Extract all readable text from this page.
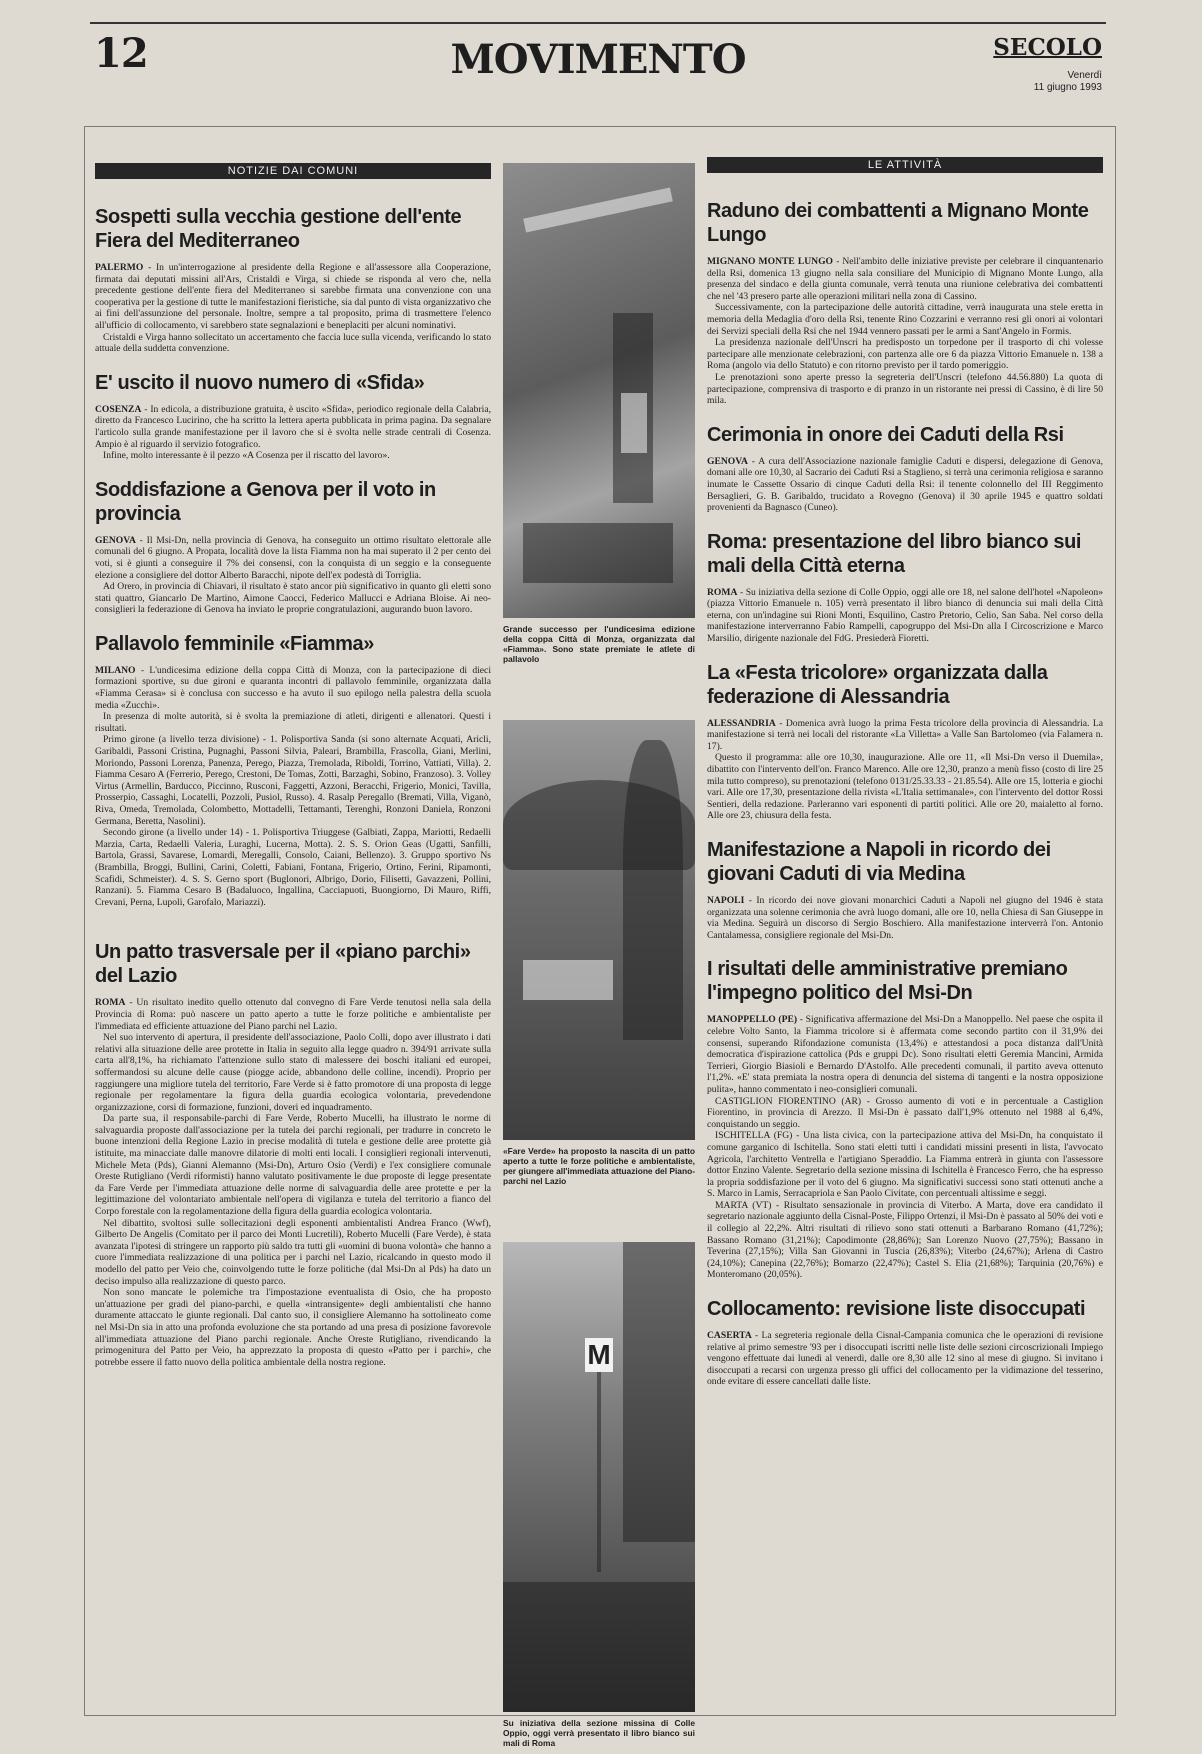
12	MOVIMENTO	SECOLO
Venerdì
11 giugno 1993
NOTIZIE DAI COMUNI
Sospetti sulla vecchia gestione dell'ente Fiera del Mediterraneo

PALERMO - In un'interrogazione al presidente della Regione e all'assessore alla Cooperazione, firmata dai deputati missini all'Ars, Cristaldi e Virga, si chiede se risponda al vero che, nella precedente gestione dell'ente fiera del Mediterraneo si sarebbe firmata una convenzione con una cooperativa per la gestione di tutte le manifestazioni fieristiche, sia dal punto di vista organizzativo che ai fini dell'assunzione del personale. Inoltre, sempre a tal proposito, prima di trasmettere l'elenco all'ufficio di collocamento, vi sarebbero state segnalazioni e beneplaciti per alcuni nominativi.

Cristaldi e Virga hanno sollecitato un accertamento che faccia luce sulla vicenda, verificando lo stato attuale della suddetta convenzione.

E' uscito il nuovo numero di «Sfida»

COSENZA - In edicola, a distribuzione gratuita, è uscito «Sfida», periodico regionale della Calabria, diretto da Francesco Lucirino, che ha scritto la lettera aperta pubblicata in prima pagina. Da segnalare l'articolo sulla grande manifestazione per il lavoro che si è svolta nelle strade centrali di Cosenza. Ampio è al riguardo il servizio fotografico.

Infine, molto interessante è il pezzo «A Cosenza per il riscatto del lavoro».

Soddisfazione a Genova per il voto in provincia

GENOVA - Il Msi-Dn, nella provincia di Genova, ha conseguito un ottimo risultato elettorale alle comunali del 6 giugno. A Propata, località dove la lista Fiamma non ha mai superato il 2 per cento dei voti, si è giunti a conseguire il 7% dei consensi, con la conquista di un seggio e la conseguente elezione a consigliere del dottor Alberto Baracchi, nipote dell'ex podestà di Torriglia.

Ad Orero, in provincia di Chiavari, il risultato è stato ancor più significativo in quanto gli eletti sono stati quattro, Giancarlo De Martino, Aimone Caocci, Federico Mallucci e Adriana Bloise. Ai neo-consiglieri la federazione di Genova ha inviato le proprie congratulazioni, augurando buon lavoro.

Pallavolo femminile «Fiamma»

MILANO - L'undicesima edizione della coppa Città di Monza, con la partecipazione di dieci formazioni sportive, su due gironi e quaranta incontri di pallavolo femminile, organizzata dalla «Fiamma Cerasa» si è conclusa con successo e ha avuto il suo epilogo nella palestra della scuola media «Zucchi».

In presenza di molte autorità, si è svolta la premiazione di atleti, dirigenti e allenatori. Questi i risultati.

Primo girone (a livello terza divisione) - 1. Polisportiva Sanda (si sono alternate Acquati, Aricli, Garibaldi, Passoni Cristina, Pugnaghi, Passoni Silvia, Paleari, Brambilla, Frascolla, Giani, Merlini, Moriondo, Passoni Lorenza, Panenza, Perego, Piazza, Tremolada, Riboldi, Torrino, Vattiati, Villa). 2. Fiamma Cesaro A (Ferrerio, Perego, Crestoni, De Tomas, Zotti, Barzaghi, Sobino, Franzoso). 3. Volley Virtus (Armellin, Barducco, Piccinno, Rusconi, Faggetti, Azzoni, Beracchi, Frigerio, Monici, Tavilla, Prosserpio, Cassaghi, Locatelli, Pozzoli, Pusiol, Russo). 4. Rasalp Peregallo (Bremati, Villa, Viganò, Riva, Omeda, Tremolada, Colombetto, Mottadelli, Tettamanti, Terenghi, Ronzoni Daniela, Ronzoni Germana, Beretta, Nasolini).

Secondo girone (a livello under 14) - 1. Polisportiva Triuggese (Galbiati, Zappa, Mariotti, Redaelli Marzia, Carta, Redaelli Valeria, Luraghi, Lucerna, Motta). 2. S. S. Orion Geas (Ugatti, Sanfilli, Bartola, Grassi, Savarese, Lomardi, Meregalli, Consolo, Caiani, Bellenzo). 3. Gruppo sportivo Ns (Brambilla, Broggi, Bullini, Carini, Coletti, Fabiani, Fontana, Frigerio, Ortino, Ferini, Ripamonti, Scafidi, Schmeister). 4. S. S. Gerno sport (Buglonori, Albrigo, Dorio, Filisetti, Gavazzeni, Pollini, Ranzani). 5. Fiamma Cesaro B (Badaluoco, Ingallina, Cacciapuoti, Buongiorno, Di Mauro, Riffi, Crevani, Perna, Lupoli, Garofalo, Mariazzi).

Un patto trasversale per il «piano parchi» del Lazio

ROMA - Un risultato inedito quello ottenuto dal convegno di Fare Verde tenutosi nella sala della Provincia di Roma: può nascere un patto aperto a tutte le forze politiche e ambientaliste per l'immediata ed efficiente attuazione del Piano parchi nel Lazio.

Nel suo intervento di apertura, il presidente dell'associazione, Paolo Colli, dopo aver illustrato i dati relativi alla situazione delle aree protette in Italia in seguito alla legge quadro n. 394/91 arrivate sulla carta all'8,1%, ha richiamato l'attenzione sullo stato di malessere dei boschi italiani ed europei, soffermandosi su alcune delle cause (piogge acide, abbandono delle colline, incendi). Proprio per raggiungere una migliore tutela del territorio, Fare Verde si è fatto promotore di una proposta di legge regionale per regolamentare la figura della guardia ecologica volontaria, prevedendone organizzazione, corsi di formazione, funzioni, doveri ed inquadramento.

Da parte sua, il responsabile-parchi di Fare Verde, Roberto Mucelli, ha illustrato le norme di salvaguardia proposte dall'associazione per la tutela dei parchi regionali, per tradurre in concreto le buone intenzioni della Regione Lazio in precise modalità di tutela e gestione delle aree protette già istituite, ma minacciate dalle manovre dilatorie di molti enti locali. I consiglieri regionali intervenuti, Michele Meta (Pds), Gianni Alemanno (Msi-Dn), Arturo Osio (Verdi) e l'ex consigliere comunale Oreste Rutigliano (Verdi riformisti) hanno valutato positivamente le due proposte di legge presentate da Fare Verde per l'immediata attuazione delle norme di salvaguardia delle aree protette e per la legittimazione del volontariato ambientale nell'opera di vigilanza e tutela del territorio a fianco del Corpo forestale con la regolamentazione della figura della guardia ecologica volontaria.

Nel dibattito, svoltosi sulle sollecitazioni degli esponenti ambientalisti Andrea Franco (Wwf), Gilberto De Angelis (Comitato per il parco dei Monti Lucretili), Roberto Mucelli (Fare Verde), è stata avanzata l'ipotesi di stringere un rapporto più saldo tra tutti gli «uomini di buona volontà» che hanno a cuore l'immediata realizzazione di una politica per i parchi nel Lazio, ricalcando in questo modo il modello del patto per Veio che, coinvolgendo tutte le forze politiche (dal Msi-Dn al Pds) ha dato un deciso impulso alla realizzazione di questo parco.

Non sono mancate le polemiche tra l'impostazione eventualista di Osio, che ha proposto un'attuazione per gradi del piano-parchi, e quella «intransigente» degli ambientalisti che hanno duramente attaccato le giunte regionali. Dal canto suo, il consigliere Alemanno ha sottolineato come nel Msi-Dn sia in atto una profonda evoluzione che sta portando ad una presa di posizione favorevole all'immediata attuazione del Piano parchi regionale. Anche Oreste Rutigliano, rivendicando la primogenitura del Patto per Veio, ha apprezzato la proposta di questo «Patto per i parchi», che potrebbe essere il fatto nuovo della politica ambientale della nostra regione.

Grande successo per l'undicesima edizione della coppa Città di Monza, organizzata dal «Fiamma». Sono state premiate le atlete di pallavolo
«Fare Verde» ha proposto la nascita di un patto aperto a tutte le forze politiche e ambientaliste, per giungere all'immediata attuazione del Piano-parchi nel Lazio
M
Su iniziativa della sezione missina di Colle Oppio, oggi verrà presentato il libro bianco sui mali di Roma
LE ATTIVITÀ
Raduno dei combattenti a Mignano Monte Lungo

MIGNANO MONTE LUNGO - Nell'ambito delle iniziative previste per celebrare il cinquantenario della Rsi, domenica 13 giugno nella sala consiliare del Municipio di Mignano Monte Lungo, alla presenza del sindaco e della giunta comunale, verrà tenuta una riunione celebrativa dei combattenti che nel '43 presero parte alle operazioni militari nella zona di Cassino.

Successivamente, con la partecipazione delle autorità cittadine, verrà inaugurata una stele eretta in memoria della Medaglia d'oro della Rsi, tenente Rino Cozzarini e verranno resi gli onori ai volontari dei Servizi speciali della Rsi che nel 1944 vennero passati per le armi a Sant'Angelo in Formis.

La presidenza nazionale dell'Unscri ha predisposto un torpedone per il trasporto di chi volesse partecipare alle menzionate celebrazioni, con partenza alle ore 6 da piazza Vittorio Emanuele n. 138 a Roma (angolo via dello Statuto) e con ritorno previsto per il tardo pomeriggio.

Le prenotazioni sono aperte presso la segreteria dell'Unscri (telefono 44.56.880) La quota di partecipazione, comprensiva di trasporto e di pranzo in un ristorante nei pressi di Cassino, è di lire 50 mila.

Cerimonia in onore dei Caduti della Rsi

GENOVA - A cura dell'Associazione nazionale famiglie Caduti e dispersi, delegazione di Genova, domani alle ore 10,30, al Sacrario dei Caduti Rsi a Staglieno, si terrà una cerimonia religiosa e saranno inumate le Cassette Ossario di cinque Caduti della Rsi: il tenente colonnello del III Reggimento Bersaglieri, G. B. Garibaldo, trucidato a Rovegno (Genova) il 30 aprile 1945 e quattro soldati provenienti da Bagnasco (Cuneo).

Roma: presentazione del libro bianco sui mali della Città eterna

ROMA - Su iniziativa della sezione di Colle Oppio, oggi alle ore 18, nel salone dell'hotel «Napoleon» (piazza Vittorio Emanuele n. 105) verrà presentato il libro bianco di denuncia sui mali della Città eterna, con un'indagine sui Rioni Monti, Esquilino, Castro Pretorio, Celio, San Saba. Nel corso della manifestazione interverranno Fabio Rampelli, capogruppo del Msi-Dn alla I Circoscrizione e Marco Marsilio, dirigente nazionale del FdG. Presiederà Fioretti.

La «Festa tricolore» organizzata dalla federazione di Alessandria

ALESSANDRIA - Domenica avrà luogo la prima Festa tricolore della provincia di Alessandria. La manifestazione si terrà nei locali del ristorante «La Villetta» a Valle San Bartolomeo (via Falamera n. 17).

Questo il programma: alle ore 10,30, inaugurazione. Alle ore 11, «Il Msi-Dn verso il Duemila», dibattito con l'intervento dell'on. Franco Marenco. Alle ore 12,30, pranzo a menù fisso (costo di lire 25 mila tutto compreso), su prenotazioni (telefono 0131/25.33.33 - 21.85.54). Alle ore 15, lotteria e giochi vari. Alle ore 17,30, presentazione della rivista «L'Italia settimanale», con l'intervento del dottor Rossi Sentieri, della redazione. Parleranno vari esponenti di partiti politici. Alle ore 20, maialetto al forno. Alle ore 23, chiusura della festa.

Manifestazione a Napoli in ricordo dei giovani Caduti di via Medina

NAPOLI - In ricordo dei nove giovani monarchici Caduti a Napoli nel giugno del 1946 è stata organizzata una solenne cerimonia che avrà luogo domani, alle ore 10, nella Chiesa di San Giuseppe in via Medina. Seguirà un discorso di Sergio Boschiero. Alla manifestazione interverrà l'on. Antonio Cantalamessa, consigliere regionale del Msi-Dn.

I risultati delle amministrative premiano l'impegno politico del Msi-Dn

MANOPPELLO (PE) - Significativa affermazione del Msi-Dn a Manoppello. Nel paese che ospita il celebre Volto Santo, la Fiamma tricolore si è affermata come secondo partito con il 31,9% dei consensi, superando Rifondazione comunista (13,4%) e attestandosi a poca distanza dall'Unità democratica d'ispirazione cattolica (Pds e gruppi Dc). Sono risultati eletti Geremia Mancini, Armida Terrieri, Giorgio Biasioli e Bernardo D'Astolfo. Alle precedenti comunali, il partito aveva ottenuto l'1,2%. «E' stata premiata la nostra opera di denuncia del sistema di tangenti e la nostra opposizione pulita», hanno commentato i neo-consiglieri comunali.

CASTIGLION FIORENTINO (AR) - Grosso aumento di voti e in percentuale a Castiglion Fiorentino, in provincia di Arezzo. Il Msi-Dn è passato dall'1,9% ottenuto nel 1988 al 6,4%, conquistando un seggio.

ISCHITELLA (FG) - Una lista civica, con la partecipazione attiva del Msi-Dn, ha conquistato il comune garganico di Ischitella. Sono stati eletti tutti i candidati missini presenti in lista, l'avvocato Agricola, l'architetto Ventrella e l'artigiano Speraddio. La Fiamma entrerà in giunta con l'assessore dottor Enzino Valente. Segretario della sezione missina di Ischitella è Francesco Ferro, che ha espresso la propria soddisfazione per il voto del 6 giugno. Ma significativi successi sono stati ottenuti anche a S. Marco in Lamis, Serracapriola e San Paolo Civitate, con percentuali altissime e seggi.

MARTA (VT) - Risultato sensazionale in provincia di Viterbo. A Marta, dove era candidato il segretario nazionale aggiunto della Cisnal-Poste, Filippo Ortenzi, il Msi-Dn è passato al 50% dei voti e il collegio al 22,2%. Altri risultati di rilievo sono stati ottenuti a Barbarano Romano (41,72%); Bassano Romano (31,21%); Capodimonte (28,86%); San Lorenzo Nuovo (27,75%); Bassano in Teverina (27,15%); Villa San Giovanni in Tuscia (26,83%); Viterbo (24,67%); Arlena di Castro (24,10%); Canepina (22,76%); Bomarzo (22,47%); Castel S. Elia (21,68%); Tarquinia (20,76%) e Monteromano (20,05%).

Collocamento: revisione liste disoccupati

CASERTA - La segreteria regionale della Cisnal-Campania comunica che le operazioni di revisione relative al primo semestre '93 per i disoccupati iscritti nelle liste delle sezioni circoscrizionali Impiego vengono effettuate dai lunedì al venerdì, dalle ore 8,30 alle 12 sino al mese di giugno. Si invitano i disoccupati a recarsi con urgenza presso gli uffici del collocamento per la vidimazione del tesserino, onde evitare di essere cancellati dalle liste.
